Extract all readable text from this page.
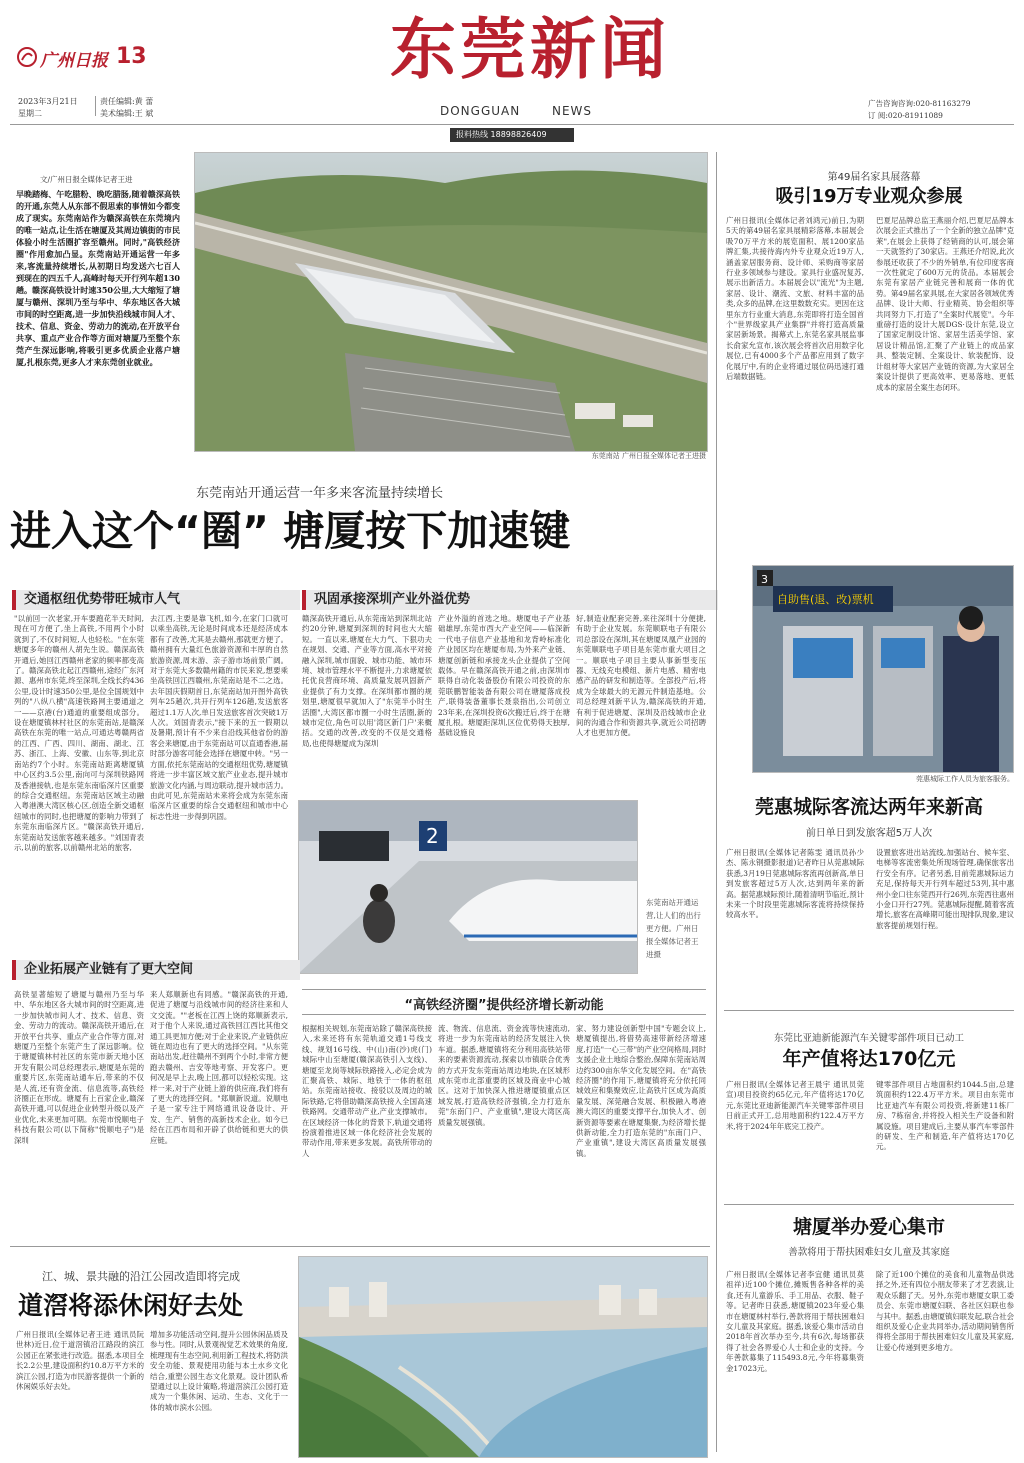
广州日报 13	东莞新闻
DONGGUAN	NEWS
2023年3月21日
星期二
责任编辑:黄 蕾
美术编辑:王 斌
广告咨询咨询:020-81163279
订 阅:020-81911089
报料热线 18898826409
文/广州日报全媒体记者王进
早晚踏梅、午吃腊粉、晚吃腊肠,随着赣深高铁的开通,东莞人从东部不假思索的事情如今都变成了现实。东莞南站作为赣深高铁在东莞境内的唯一站点,让生活在塘厦及其周边镇街的市民体验小时生活圈扩容至赣州。同时,"高铁经济圈"作用愈加凸显。东莞南站开通运营一年多来,客流量持续增长,从初期日均发送六七百人到现在的四五千人,高峰时每天开行列车超130趟。赣深高铁设计时速350公里,大大缩短了塘厦与赣州、深圳乃至与华中、华东地区各大城市间的时空距离,进一步加快沿线城市间人才、技术、信息、资金、劳动力的流动,在开放平台共享、重点产业合作等方面对塘厦乃至整个东莞产生深远影响,将吸引更多优质企业落户塘厦,扎根东莞,更多人才来东莞创业就业。
东莞南站 广州日报全媒体记者王进摄
东莞南站开通运营一年多来客流量持续增长
进入这个“圈” 塘厦按下加速键
交通枢纽优势带旺城市人气	巩固承接深圳产业外溢优势
"以前回一次老家,开车要跑花半天时间,现在可方便了,坐上高铁,不用两个小时就到了,不仅时间短,人也轻松。"在东莞塘厦多年的赣州人胡先生说。赣深高铁开通后,她回江西赣州老家的频率都变高了。赣深高铁北起江西赣州,途经广东河源、惠州市东莞,终至深圳,全线长约436公里,设计时速350公里,是位全国规划中列的"八纵八横"高速铁路网主要通道之一——京港(台)通道的重要组成部分。设在塘厦镇林村社区的东莞南站,是赣深高铁在东莞的唯一站点,可通达粤赣两省的江西、广西、四川、湖南、湖北、江苏、浙江、上海、安徽、山东等,到北京南站约7个小时。东莞南站距离塘厦镇中心区约3.5公里,南向可与深圳铁路网及香港接轨,也是东莞东南临深片区重要的综合交通枢纽。东莞南站区域主动融入粤港澳大湾区核心区,创造全新交通枢纽城市的同时,也把塘厦的影响力带到了东莞东南临深片区。"赣深高铁开通后,东莞南站发送旅客越来越多。"刘国青表示,以前的旅客,以前赣州北站的旅客,
去江西,主要是靠飞机,如今,在家门口就可以乘坐高铁,无论是时间成本还是经济成本都有了改善,尤其是去赣州,那就更方便了。赣州拥有大量红色旅游资源和丰厚的自然旅游资源,周末游、亲子游市场前景广阔。对于东莞大多数赣州籍的市民来说,想要乘坐高铁回江西赣州,东莞南站是不二之选。去年国庆假期首日,东莞南站加开图外高铁列车25趟次,共开行列车126趟,发送旅客超过1.1万人次,单日发送旅客首次突破1万人次。刘国青表示,"接下来的五一假期以及暑期,预计有不少来自沿线其他省份的游客会来塘厦,由于东莞南站可以直通香港,届时部分游客可能会选择在塘厦中转。"另一方面,依托东莞南站的交通枢纽优势,塘厦镇将进一步丰富区域文旅产业业态,提升城市旅游文化内涵,与周边联动,提升城市活力。由此可见,东莞南站未来将会成为东莞东南临深片区重要的综合交通枢纽和城市中心标志性进一步得到巩固。
赣深高铁开通后,从东莞南站到深圳北站约20分钟,塘厦到深圳的时间也大大缩短。一直以来,塘厦在大力气、下狠功夫在规划、交通、产业等方面,高水平对接融入深圳,城市面貌、城市功能、城市环境、城市管理水平不断提升,力求塘厦依托优良营商环境、高质量发展巩固新产业提供了有力支撑。在深圳都市圈的规划里,塘厦很早就加入了"东莞半小时生活圈",大湾区都市圈一小时生活圈,新的城市定位,角色可以用'湾区新门户'来概括。交通的改善,改变的不仅是交通格局,也使得塘厦成为深圳
产业外溢的首选之地。塘厦电子产业基础雄厚,东莞市西大产业空间——临深新一代电子信息产业基地和龙背岭标准化产业园区均在塘厦布局,为外来产业链、塘厦创新链和承接龙头企业提供了空间载体。早在赣深高铁开通之前,由深圳市联得自动化装备股份有限公司投资的东莞联鹏智能装备有限公司在塘厦落成投产,联得装备董事长聂泉指出,公司创立23年来,在深圳投资6次搬迁后,终于在塘厦扎根。塘厦距深圳,区位优势得天独厚,基础设施良
好,制造业配套完善,来往深圳十分便捷,有助于企业发展。东莞顺联电子有限公司总部设在深圳,其在塘厦凤凰产业园的东莞顺联电子项目是东莞市重大项目之一。顺联电子项目主要从事新型变压器、无线充电模组、新片电感、精密电感产品的研发和制造等。全部投产后,将成为全球最大的无源元件制造基地。公司总经理刘新平认为,赣深高铁的开通,有利于促进塘厦、深圳及沿线城市企业间的沟通合作和资源共享,就近公司招聘人才也更加方便。
2
东莞南站开通运营,让人们的出行更方便。广州日报全媒体记者王进摄
企业拓展产业链有了更大空间
“高铁经济圈”提供经济增长新动能
高铁显著缩短了塘厦与赣州乃至与华中、华东地区各大城市间的时空距离,进一步加快城市间人才、技术、信息、资金、劳动力的流动。赣深高铁开通后,在开放平台共享、重点产业合作等方面,对塘厦乃至整个东莞产生了深远影响。位于塘厦镇林村社区的东莞市新天地小区开发有限公司总经理表示,塘厦是东莞的重要片区,东莞南站通车后,带来的不仅是人流,还有资金流、信息流等,高铁经济圈正在形成。塘厦有上百家企业,赣深高铁开通,可以促进企业转型升级以及产业优化,未来更加可期。东莞市悦顺电子科技有限公司(以下简称"悦顺电子")是深圳
来人郑顺新也有同感。"赣深高铁的开通,促进了塘厦与沿线城市间的经济往来和人文交流。""老板在江西上饶的郑顺新表示,对于他个人来说,通过高铁回江西比其他交通工具更加方便;对于企业来说,产业链供应链在周边也有了更大的选择空间。"从东莞南站出发,赶往赣州不到两个小时,非常方便跑去赣州、吉安等地考察、开发客户。更何况是早上去,晚上回,都可以轻松实现。这样一来,对于产业链上游的供应商,我们将有了更大的选择空间。"郑顺新说道。说顺电子是一家专注于网络通讯设备设计、开发、生产、销售的高新技术企业。如今已经在江西布局和开辟了供给链和更大的供应链。
根据相关规划,东莞南站除了赣深高铁接入,未来还将有东莞轨道交通1号线支线、规划16号线、中(山)南(沙)虎(门)城际中山至塘厦(赣深高铁引入支线)、塘厦至龙岗等城际铁路接入,必定会成为汇聚高铁、城际、地铁于一体的枢纽站。东莞南站接收、接驳以及周边的城际铁路,它将借助赣深高铁接入全国高速铁路网。交通带动产业,产业支撑城市。在区域经济一体化的背景下,轨道交通将扮演着推进区域一体化经济社会发展的带动作用,带来更多发展。高铁所带动的人
流、物流、信息流、资金流等快速流动,将进一步为东莞南站的经济发展注入快车道。据悉,塘厦镇将充分利用高铁站带来的要素资源流动,探索以市镇联合优秀的方式开发东莞南站周边地块,在区城形成东莞市北部重要的区城及商业中心城区。这对于加快深入推进塘厦镇重点区域发展,打造高铁经济强镇,全力打造东莞"东南门户、产业重镇",建设大湾区高质量发展强镇。
家、努力建设创新型中国"专题会议上,塘厦镇提出,将借势高速带新经济增速度,打造"一心三带"的产业空间格局,同时支援企业土地综合整治,保障东莞南站周边约300亩东华文化发展空间。在"高铁经济圈"的作用下,塘厦镇将充分依托同城效应和集聚效应,让高铁片区成为高质量发展、深莞融合发展、积极融入粤港澳大湾区的重要支撑平台,加快人才、创新资源等要素在塘厦集聚,为经济增长提供新动能,全力打造东莞的"东南门户、产业重镇",建设大湾区高质量发展强镇。
江、城、景共融的沿江公园改造即将完成
道滘将添休闲好去处
广州日报讯(全媒体记者王进 通讯员阮世林)近日,位于道滘镇沿江路段的滨江公园正在紧张进行改造。据悉,本项目全长2.2公里,建设面积约10.8万平方米的滨江公园,打造为市民游客提供一个新的休闲娱乐好去处。
增加多功能活动空间,提升公园休闲品质及参与性。同时,从景观视觉艺术效果的角度,梳理现有生态空间,利用新工程技术,将防洪安全功能、景观使用功能与本土水乡文化结合,重塑公园生态文化景观。设计团队希望通过以上设计策略,将道滘滨江公园打造成为一个集休闲、运动、生态、文化于一体的城市滨水公园。
第49届名家具展落幕
吸引19万专业观众参展
广州日报讯(全媒体记者刘鸿元)前日,为期5天的第49届名家具展精彩落幕,本届展会吸70万平方米的展览面积、展1200家品牌汇集,共接待海内外专业观众近19万人,涵盖家居服务商、设计师、采购商等家居行业多领域参与建设。家具行业盛况复苏,展示出新活力。本届展会以"流光"为主题,家居、设计、潮流、文旅、材料丰富的品类,众多的品牌,在这里数数充实。更因在这里东方行业重大消息,东莞即将打造全国首个"世界级家具产业集群"并将打造高质量家居新场景。揭幕式上,东莞名家具展监事长俞家允宣布,该次展会将首次启用数字化展位,已有4000多个产品都应用到了数字化展厅中,有的企业将通过展位码迅速打通后端数据链。
巴夏尼品牌总监王燕丽介绍,巴夏尼品牌本次展会正式推出了一个全新的独立品牌"克莱",在展会上获得了经销商的认可,展会第一天就签约了30家店。王燕还介绍说,此次参展还收获了不少的外销单,有位印度客商一次性就定了600万元的货品。本届展会东莞有家居产业链完善和展商一体的优势。第49届名家具展,在大家居各领域优秀品牌、设计大师、行业精英、协会组织等共同努力下,打造了"全案时代展览"。今年重磅打造的设计大展DGS·设计东莞,设立了国家定制设计馆、家居生活美学馆、家居设计精品馆,汇聚了产业链上的成品家具、整装定制、全案设计、软装配饰、设计组材等大家居产业链的资源,为大家居全案设计提供了更高效率、更易落地、更低成本的家居全案生态闭环。
自助售(退、改)票机
3
莞惠城际工作人员为旅客服务。
莞惠城际客流达两年来新高
前日单日到发旅客超5万人次
广州日报讯(全媒体记者陈雯 通讯员孙少杰、陈永钢摄影报道)记者昨日从莞惠城际获悉,3月19日莞惠城际客流再创新高,单日到发旅客超过5万人次,达到两年来的新高。据莞惠城际预计,随着清明节临近,预计未来一个时段里莞惠城际客流将持续保持较高水平。
设置旅客进出站流线,加强站台、候车室、电梯等客流密集处所现场管理,确保旅客出行安全有序。记者另悉,目前莞惠城际运力充足,保持每天开行列车超过53列,其中惠州小金口往东莞西开行26列,东莞西往惠州小金口开行27列。莞惠城际提醒,随着客流增长,旅客在高峰期可能出现排队现象,建议旅客提前规划行程。
东莞比亚迪新能源汽车关键零部件项目已动工
年产值将达170亿元
广州日报讯(全媒体记者王晨宇 通讯员莞宣)项目投资约65亿元,年产值将达170亿元,东莞比亚迪新能源汽车关键零部件项目日前正式开工,总用地面积约122.4万平方米,将于2024年年底完工投产。
键零部件项目占地面积约1044.5亩,总建筑面积约122.4万平方米。项目由东莞市比亚迪汽车有限公司投资,将新建11栋厂房、7栋宿舍,并将投入相关生产设备和附属设施。项目建成后,主要从事汽车零部件的研发、生产和制造,年产值将达170亿元。
塘厦举办爱心集市
善款将用于帮扶困难妇女儿童及其家庭
广州日报讯(全媒体记者李宜健 通讯员莫祖祥)近100个摊位,摊贩售各种各样的美食,还有儿童游乐、手工用品、衣服、鞋子等。记者昨日获悉,塘厦镇2023年爱心集市在塘厦林村举行,善款将用于帮扶困难妇女儿童及其家庭。据悉,该爱心集市活动自2018年首次举办至今,共有6次,每场都获得了社会各界爱心人士和企业的支持。今年善款募集了115493.8元,今年将募集资金17023元。
除了近100个摊位的美食和儿童物品供选择之外,还有四位小朋友带来了才艺表演,让观众乐翻了天。另外,东莞市塘厦女职工委员会、东莞市塘厦妇联、各社区妇联也参与其中。据悉,由塘厦镇妇联发起,联合社会组织及爱心企业共同举办,活动期间销售所得将全部用于帮扶困难妇女儿童及其家庭,让爱心传递到更多地方。
